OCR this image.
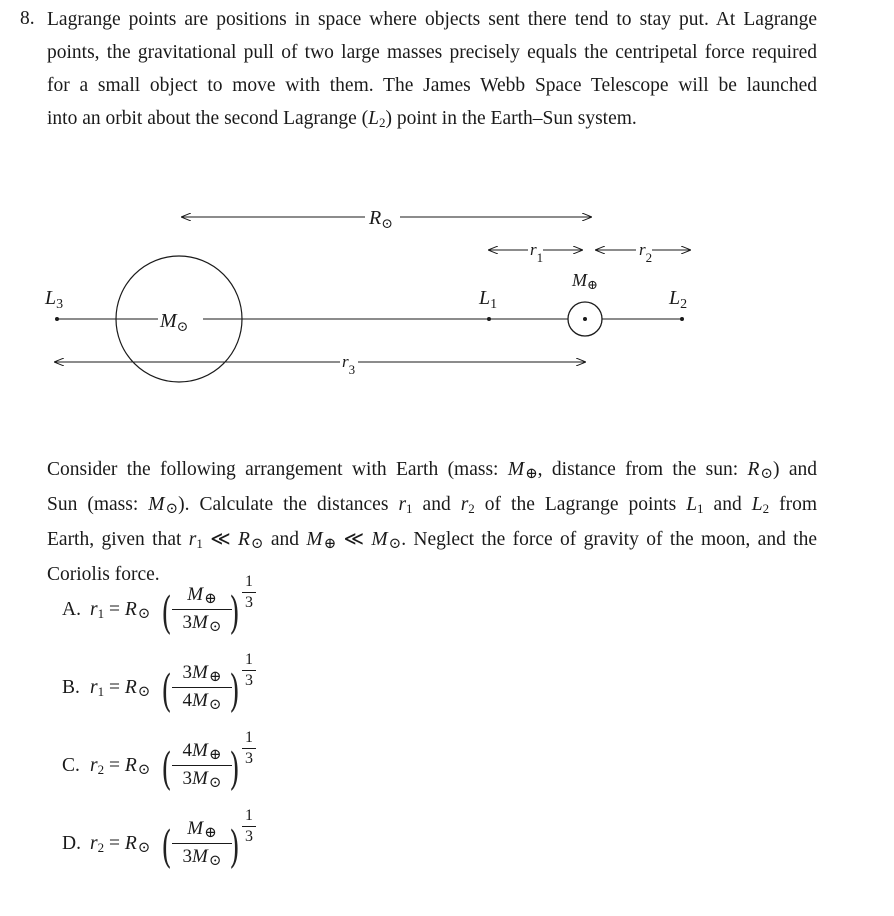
8. Lagrange points are positions in space where objects sent there tend to stay put. At Lagrange
points, the gravitational pull of two large masses precisely equals the centripetal force required
for a small object to move with them. The James Webb Space Telescope will be launched
into an orbit about the second Lagrange $(L_2)$ point in the Earth–Sun system.
$R_⊙$
$r_1$	$r_2$
M⊕
$L_3$	$L_1$	$L_2$
$M_⊙$
$r_3$
Consider the following arrangement with Earth (mass: M⊕, distance from the sun: R⊙) and
Sun (mass: M⊙). Calculate the distances $r_1$ and $r_2$ of the Lagrange points $L_1$ and $L_2$ from
Earth, given that $r_1$ ≪ R⊙ and M⊕ ≪ M⊙. Neglect the force of gravity of the moon, and the
Coriolis force.
A. $r_1$ = R⊙ ( $\frac{M\oplus}{3M⊙}$
) $\frac{1}{3}$
B. $r_1$ = R⊙ ( $\frac{3M\oplus}{4M⊙}$
) $\frac{1}{3}$
C. $r_2$ = R⊙ ( $\frac{4M\oplus}{3M⊙}$
) $\frac{1}{3}$
D. $r_2$ = R⊙ ( $\frac{M\oplus}{3M⊙}$
) $\frac{1}{3}$
